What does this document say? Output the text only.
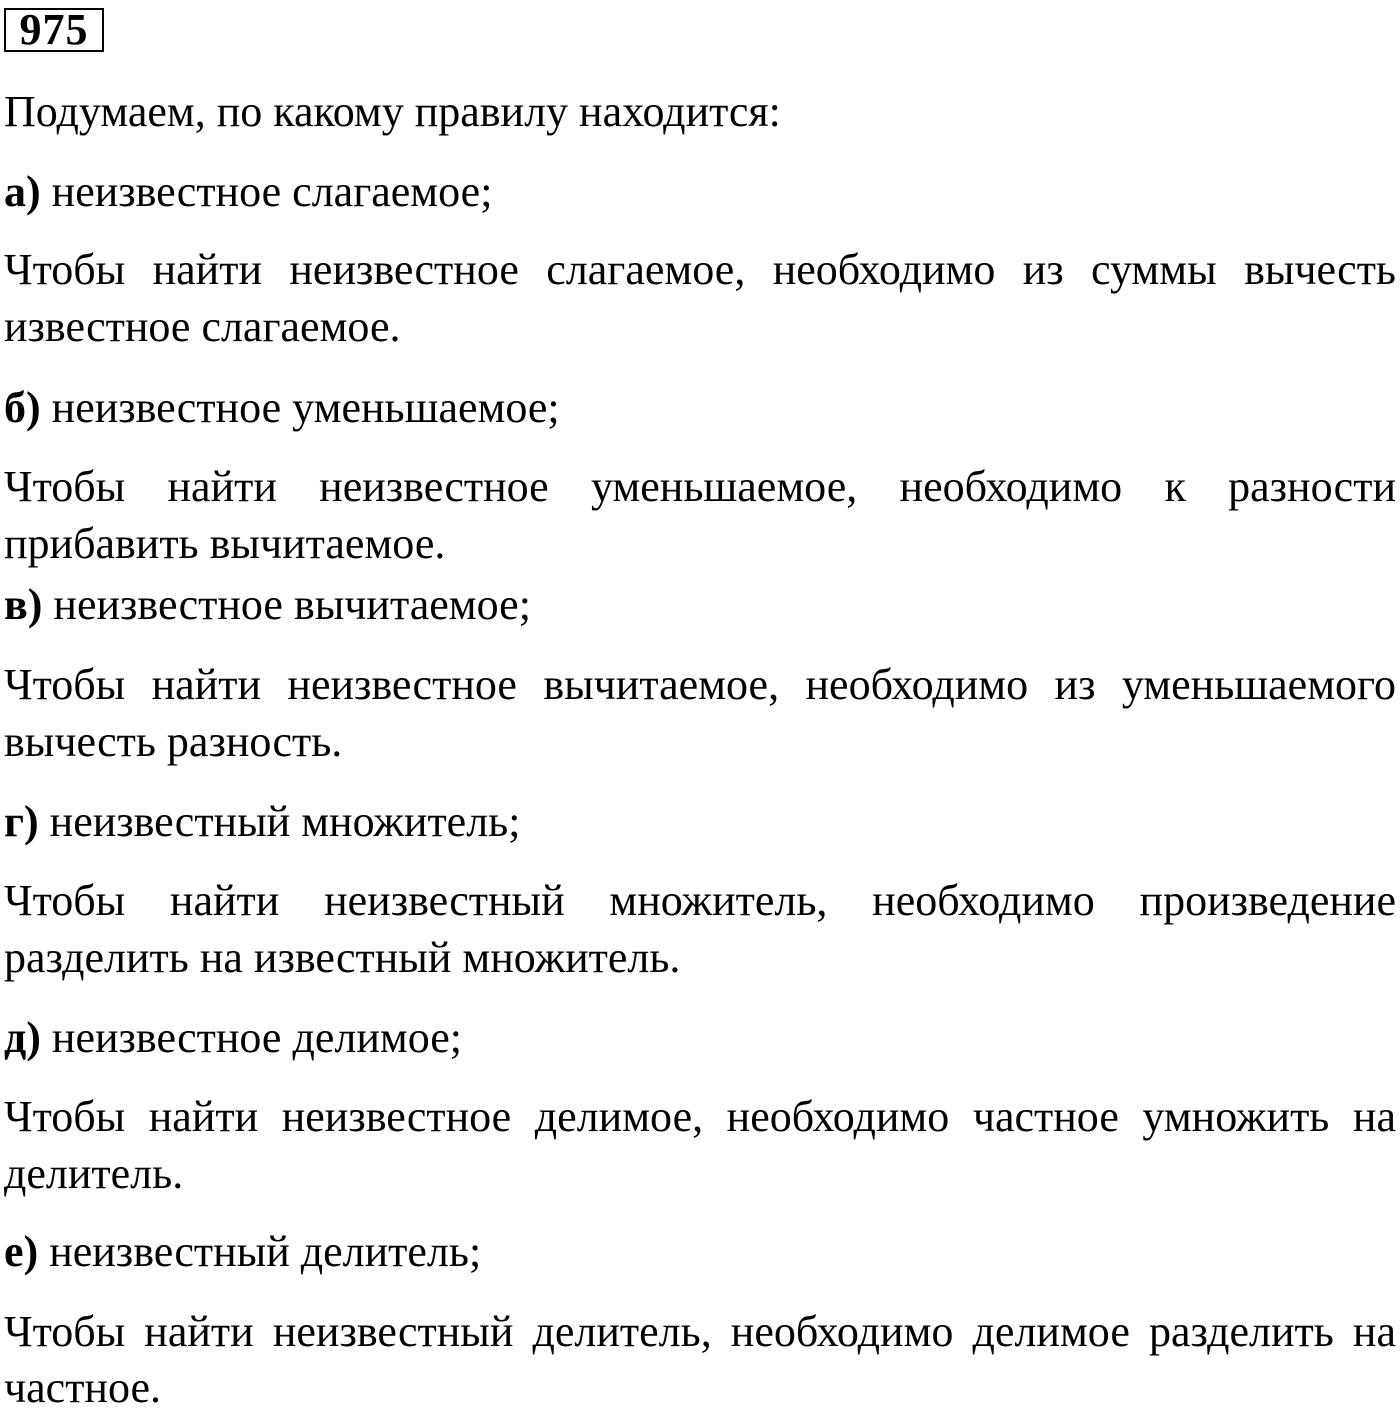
975
Подумаем, по какому правилу находится:
а) неизвестное слагаемое;
Чтобы найти неизвестное слагаемое, необходимо из суммы вычесть
известное слагаемое.
б) неизвестное уменьшаемое;
Чтобы найти неизвестное уменьшаемое, необходимо к разности
прибавить вычитаемое.
в) неизвестное вычитаемое;
Чтобы найти неизвестное вычитаемое, необходимо из уменьшаемого
вычесть разность.
г) неизвестный множитель;
Чтобы найти неизвестный множитель, необходимо произведение
разделить на известный множитель.
д) неизвестное делимое;
Чтобы найти неизвестное делимое, необходимо частное умножить на
делитель.
е) неизвестный делитель;
Чтобы найти неизвестный делитель, необходимо делимое разделить на
частное.
